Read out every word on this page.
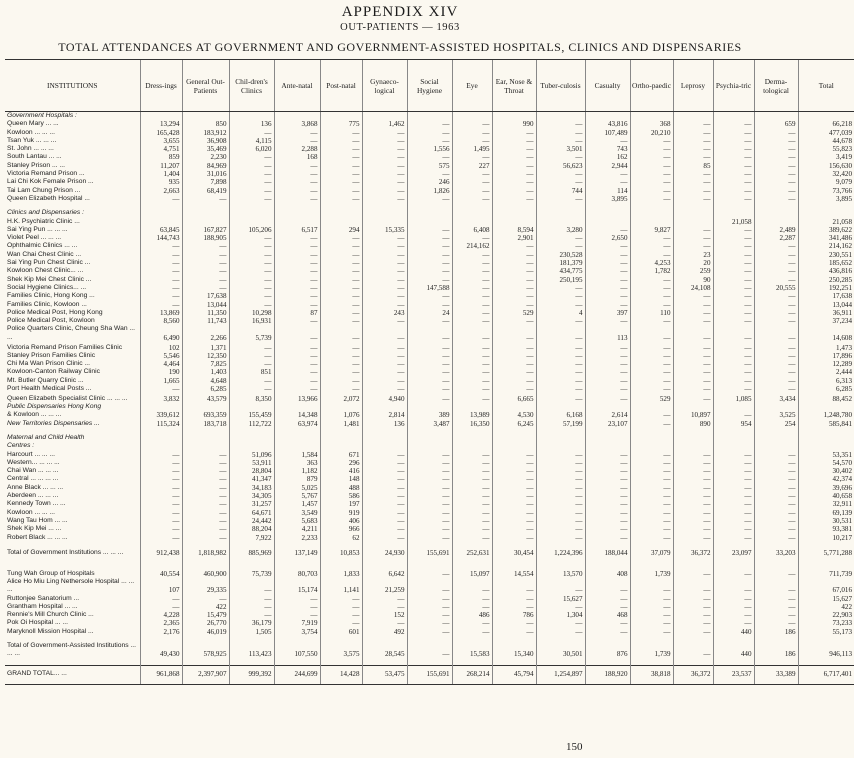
APPENDIX XIV
OUT-PATIENTS — 1963
TOTAL ATTENDANCES AT GOVERNMENT AND GOVERNMENT-ASSISTED HOSPITALS, CLINICS AND DISPENSARIES
INSTITUTIONS	Dress-ings	General Out-Patients	Chil-dren's Clinics	Ante-natal	Post-natal	Gynaeco-logical	Social Hygiene	Eye	Ear, Nose & Throat	Tuber-culosis	Casualty	Ortho-paedic	Leprosy	Psychia-tric	Derma-tological	Total
Government Hospitals :																
Queen Mary ... ...	13,294	850	136	3,868	775	1,462	—	—	990	—	43,816	368	—	—	659	66,218
Kowloon ... ... ...	165,428	183,912	—	—	—	—	—	—	—	—	107,489	20,210	—	—	—	477,039
Tsan Yuk ... ... ...	3,655	36,908	4,115	—	—	—	—	—	—	—	—	—	—	—	—	44,678
St. John ... ... ...	4,751	35,469	6,020	2,288	—	—	1,556	1,495	—	3,501	743	—	—	—	—	55,823
South Lantau ... ...	859	2,230	—	168	—	—	—	—	—	—	162	—	—	—	—	3,419
Stanley Prison ... ...	11,207	84,969	—	—	—	—	575	227	—	56,623	2,944	—	85	—	—	156,630
Victoria Remand Prison ...	1,404	31,016	—	—	—	—	—	—	—	—	—	—	—	—	—	32,420
Lai Chi Kok Female Prison ...	935	7,898	—	—	—	—	246	—	—	—	—	—	—	—	—	9,079
Tai Lam Chung Prison ...	2,663	68,419	—	—	—	—	1,826	—	—	744	114	—	—	—	—	73,766
Queen Elizabeth Hospital ...	—	—	—	—	—	—	—	—	—	—	3,895	—	—	—	—	3,895

Clinics and Dispensaries :																
H.K. Psychiatric Clinic ...														21,058		21,058
Sai Ying Pun ... ... ...	63,845	167,827	105,206	6,517	294	15,335	—	6,408	8,594	3,280	—	9,827	—	—	2,489	389,622
Violet Peel ... ... ...	144,743	188,905	—	—	—	—	—	—	2,901	—	2,650	—	—	—	2,287	341,486
Ophthalmic Clinics ... ...	—	—	—	—	—	—	—	214,162	—	—	—	—	—	—	—	214,162
Wan Chai Chest Clinic ...	—	—	—	—	—	—	—	—	—	230,528	—	—	23	—	—	230,551
Sai Ying Pun Chest Clinic ...	—	—	—	—	—	—	—	—	—	181,379	—	4,253	20	—	—	185,652
Kowloon Chest Clinic... ...	—	—	—	—	—	—	—	—	—	434,775	—	1,782	259	—	—	436,816
Shek Kip Mei Chest Clinic ...	—	—	—	—	—	—	—	—	—	250,195	—	—	90	—	—	250,285
Social Hygiene Clinics... ...	—	—	—	—	—	—	147,588	—	—	—	—	—	24,108	—	20,555	192,251
Families Clinic, Hong Kong ...	—	17,638	—	—	—	—	—	—	—	—	—	—	—	—	—	17,638
Families Clinic, Kowloon ...	—	13,044	—	—	—	—	—	—	—	—	—	—	—	—	—	13,044
Police Medical Post, Hong Kong	13,869	11,350	10,298	87	—	243	24	—	529	4	397	110	—	—	—	36,911
Police Medical Post, Kowloon	8,560	11,743	16,931	—	—	—	—	—	—	—	—	—	—	—	—	37,234
Police Quarters Clinic, Cheung Sha Wan ... ...	6,490	2,266	5,739	—	—	—	—	—	—	—	113	—	—	—	—	14,608
Victoria Remand Prison Families Clinic	102	1,371	—	—	—	—	—	—	—	—	—	—	—	—	—	1,473
Stanley Prison Families Clinic	5,546	12,350	—	—	—	—	—	—	—	—	—	—	—	—	—	17,896
Chi Ma Wan Prison Clinic ...	4,464	7,825	—	—	—	—	—	—	—	—	—	—	—	—	—	12,289
Kowloon-Canton Railway Clinic	190	1,403	851	—	—	—	—	—	—	—	—	—	—	—	—	2,444
Mt. Butler Quarry Clinic ...	1,665	4,648	—	—	—	—	—	—	—	—	—	—	—	—	—	6,313
Port Health Medical Posts ...	—	6,285	—	—	—	—	—	—	—	—	—	—	—	—	—	6,285
Queen Elizabeth Specialist Clinic ... ... ...	3,832	43,579	8,350	13,966	2,072	4,940	—	—	6,665	—	—	529	—	1,085	3,434	88,452
Public Dispensaries Hong Kong																
& Kowloon ... ... ...	339,612	693,359	155,459	14,348	1,076	2,814	389	13,989	4,530	6,168	2,614	—	10,897	—	3,525	1,248,780
New Territories Dispensaries ...	115,324	183,718	112,722	63,974	1,481	136	3,487	16,350	6,245	57,199	23,107	—	890	954	254	585,841

Maternal and Child Health																
Centres :																
Harcourt ... ... ...	—	—	51,096	1,584	671	—	—	—	—	—	—	—	—	—	—	53,351
Western... ... ... ...	—	—	53,911	363	296	—	—	—	—	—	—	—	—	—	—	54,570
Chai Wan ... ... ...	—	—	28,804	1,182	416	—	—	—	—	—	—	—	—	—	—	30,402
Central ... ... ... ...	—	—	41,347	879	148	—	—	—	—	—	—	—	—	—	—	42,374
Anne Black ... ... ...	—	—	34,183	5,025	488	—	—	—	—	—	—	—	—	—	—	39,696
Aberdeen ... ... ...	—	—	34,305	5,767	586	—	—	—	—	—	—	—	—	—	—	40,658
Kennedy Town ... ...	—	—	31,257	1,457	197	—	—	—	—	—	—	—	—	—	—	32,911
Kowloon ... ... ...	—	—	64,671	3,549	919	—	—	—	—	—	—	—	—	—	—	69,139
Wang Tau Hom ... ...	—	—	24,442	5,683	406	—	—	—	—	—	—	—	—	—	—	30,531
Shek Kip Mei ... ...	—	—	88,204	4,211	966	—	—	—	—	—	—	—	—	—	—	93,381
Robert Black ... ... ...	—	—	7,922	2,233	62	—	—	—	—	—	—	—	—	—	—	10,217

Total of Government Institutions ... ... ...	912,438	1,818,982	885,969	137,149	10,853	24,930	155,691	252,631	30,454	1,224,396	188,044	37,079	36,372	23,097	33,203	5,771,288

Tung Wah Group of Hospitals	40,554	460,900	75,739	80,703	1,833	6,642	—	15,097	14,554	13,570	408	1,739	—	—	—	711,739
Alice Ho Miu Ling Nethersole Hospital ... ... ...	107	29,335	—	15,174	1,141	21,259	—	—	—	—	—	—	—	—	—	67,016
Ruttonjee Sanatorium ...	—	—	—	—	—	—	—	—	—	15,627	—	—	—	—	—	15,627
Grantham Hospital ... ...	—	422	—	—	—	—	—	—	—	—	—	—	—	—	—	422
Rennie's Mill Church Clinic ...	4,228	15,479	—	—	—	152	—	486	786	1,304	468	—	—	—	—	22,903
Pok Oi Hospital ... ...	2,365	26,770	36,179	7,919	—	—	—	—	—	—	—	—	—	—	—	73,233
Maryknoll Mission Hospital ...	2,176	46,019	1,505	3,754	601	492	—	—	—	—	—	—	—	440	186	55,173

Total of Government-Assisted Institutions ... ... ...	49,430	578,925	113,423	107,550	3,575	28,545	—	15,583	15,340	30,501	876	1,739	—	440	186	946,113

GRAND TOTAL... ...	961,868	2,397,907	999,392	244,699	14,428	53,475	155,691	268,214	45,794	1,254,897	188,920	38,818	36,372	23,537	33,389	6,717,401
150
